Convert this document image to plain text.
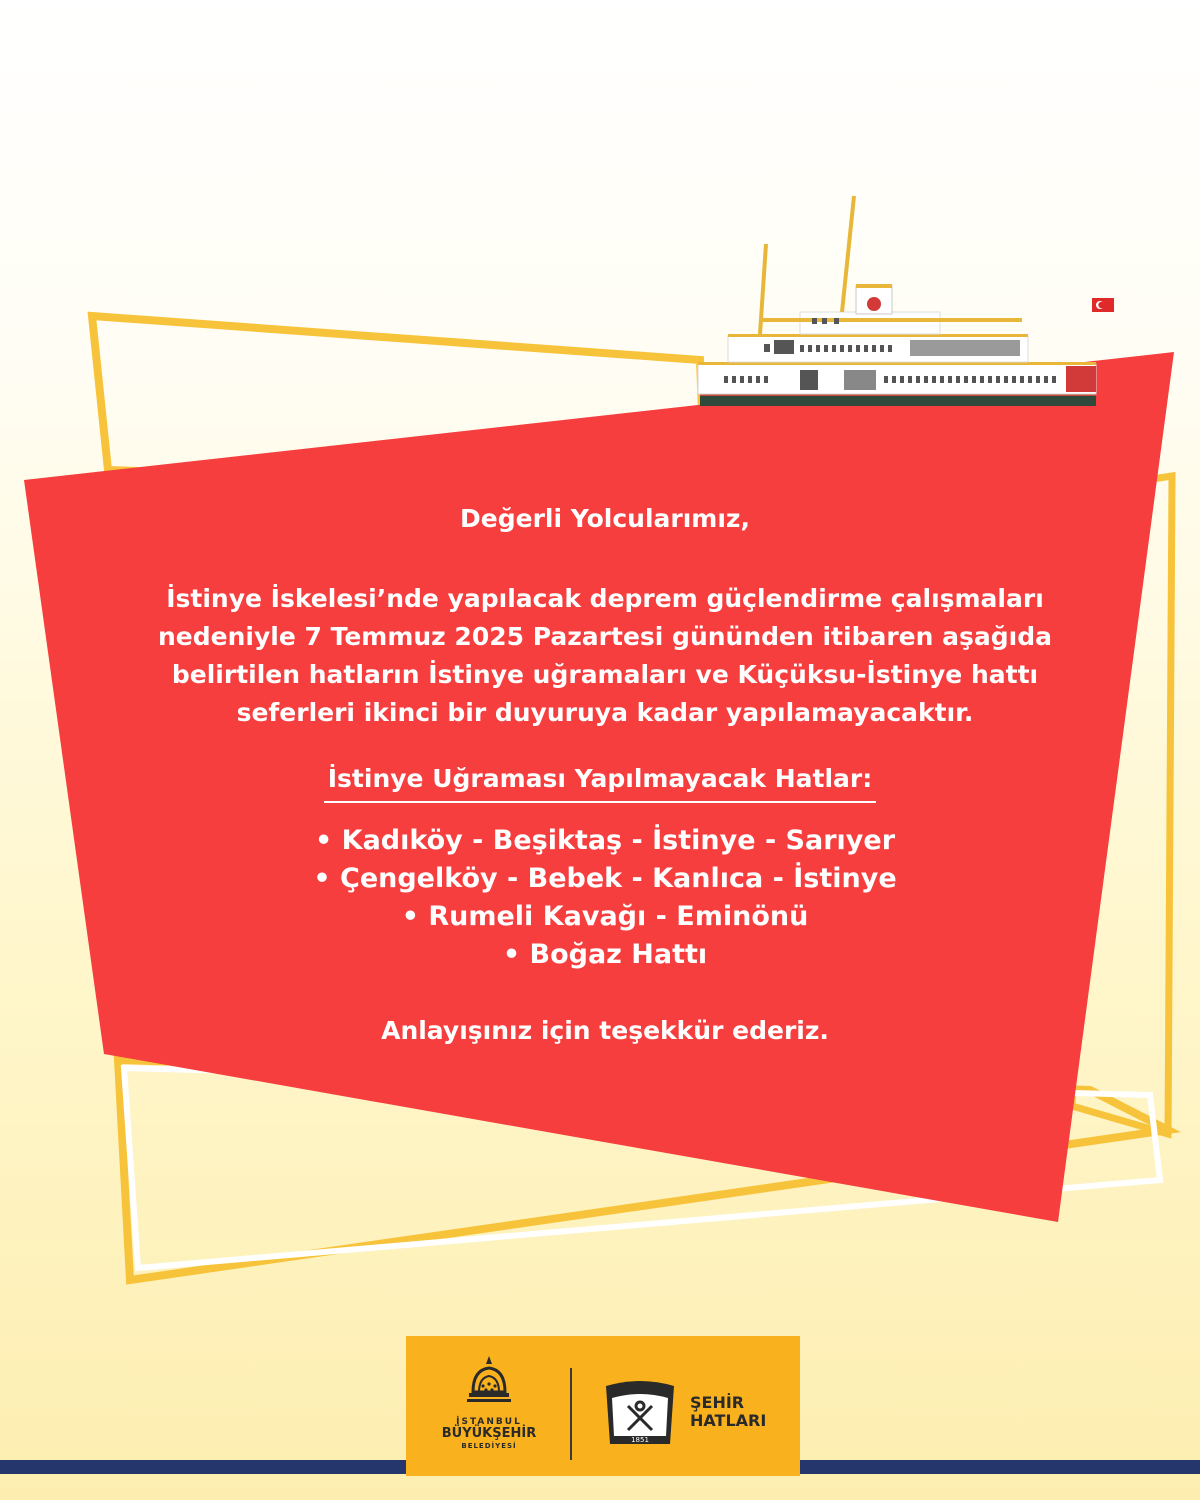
Değerli Yolcularımız,
İstinye İskelesi’nde yapılacak deprem güçlendirme çalışmaları
nedeniyle 7 Temmuz 2025 Pazartesi gününden itibaren aşağıda
belirtilen hatların İstinye uğramaları ve Küçüksu-İstinye hattı
seferleri ikinci bir duyuruya kadar yapılamayacaktır.
İstinye Uğraması Yapılmayacak Hatlar:
• Kadıköy - Beşiktaş - İstinye - Sarıyer
• Çengelköy - Bebek - Kanlıca - İstinye
• Rumeli Kavağı - Eminönü
• Boğaz Hattı
Anlayışınız için teşekkür ederiz.
İSTANBUL
BÜYÜKŞEHİR
BELEDİYESİ
1851
ŞEHİR
HATLARI
